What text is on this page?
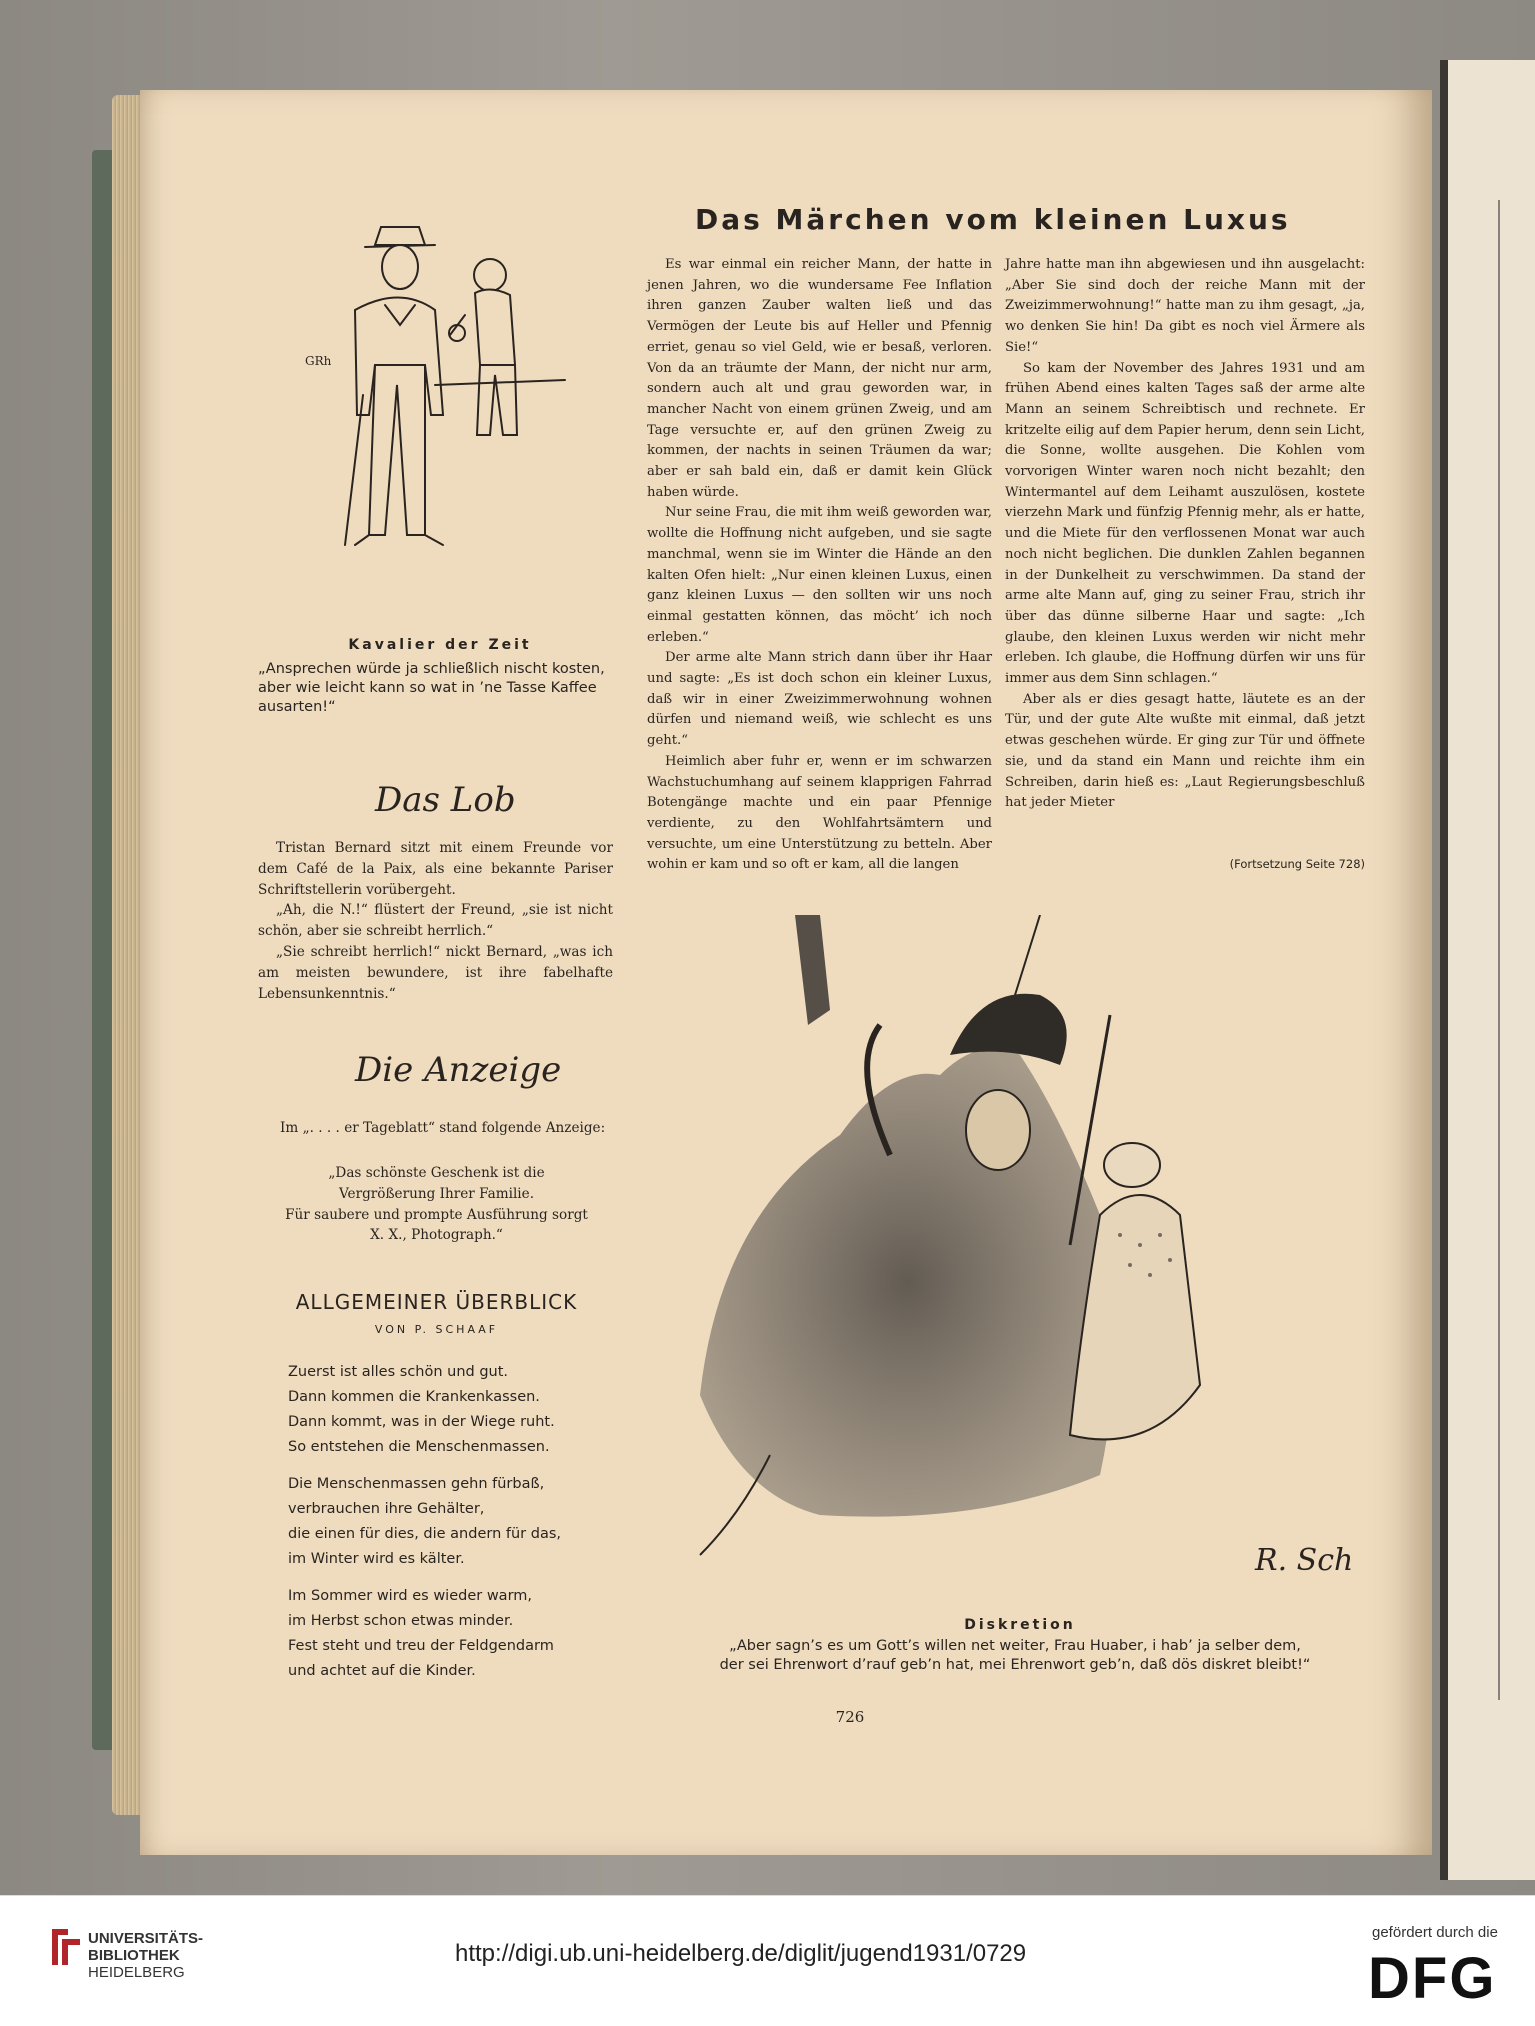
GRh
Kavalier der Zeit
„Ansprechen würde ja schließlich nischt kosten, aber wie leicht kann so wat in ’ne Tasse Kaffee ausarten!“
Das Lob

Tristan Bernard sitzt mit einem Freunde vor dem Café de la Paix, als eine bekannte Pariser Schriftstellerin vorübergeht.

„Ah, die N.!“ flüstert der Freund, „sie ist nicht schön, aber sie schreibt herrlich.“

„Sie schreibt herrlich!“ nickt Bernard, „was ich am meisten bewundere, ist ihre fabelhafte Lebensunkenntnis.“

Die Anzeige
Im „. . . . er Tageblatt“ stand folgende Anzeige:
„Das schönste Geschenk ist die
Vergrößerung Ihrer Familie.
Für saubere und prompte Ausführung sorgt
X. X., Photograph.“
ALLGEMEINER ÜBERBLICK
VON P. SCHAAF

Zuerst ist alles schön und gut.

Dann kommen die Krankenkassen.

Dann kommt, was in der Wiege ruht.

So entstehen die Menschenmassen.

Die Menschenmassen gehn fürbaß,

verbrauchen ihre Gehälter,

die einen für dies, die andern für das,

im Winter wird es kälter.

Im Sommer wird es wieder warm,

im Herbst schon etwas minder.

Fest steht und treu der Feldgendarm

und achtet auf die Kinder.

Das Märchen vom kleinen Luxus

Es war einmal ein reicher Mann, der hatte in jenen Jahren, wo die wundersame Fee Inflation ihren ganzen Zauber walten ließ und das Vermögen der Leute bis auf Heller und Pfennig erriet, genau so viel Geld, wie er besaß, verloren. Von da an träumte der Mann, der nicht nur arm, sondern auch alt und grau geworden war, in mancher Nacht von einem grünen Zweig, und am Tage versuchte er, auf den grünen Zweig zu kommen, der nachts in seinen Träumen da war; aber er sah bald ein, daß er damit kein Glück haben würde.

Nur seine Frau, die mit ihm weiß geworden war, wollte die Hoffnung nicht aufgeben, und sie sagte manchmal, wenn sie im Winter die Hände an den kalten Ofen hielt: „Nur einen kleinen Luxus, einen ganz kleinen Luxus — den sollten wir uns noch einmal gestatten können, das möcht’ ich noch erleben.“

Der arme alte Mann strich dann über ihr Haar und sagte: „Es ist doch schon ein kleiner Luxus, daß wir in einer Zweizimmerwohnung wohnen dürfen und niemand weiß, wie schlecht es uns geht.“

Heimlich aber fuhr er, wenn er im schwarzen Wachstuchumhang auf seinem klapprigen Fahrrad Botengänge machte und ein paar Pfennige verdiente, zu den Wohlfahrtsämtern und versuchte, um eine Unterstützung zu betteln. Aber wohin er kam und so oft er kam, all die langen

Jahre hatte man ihn abgewiesen und ihn ausgelacht: „Aber Sie sind doch der reiche Mann mit der Zweizimmerwohnung!“ hatte man zu ihm gesagt, „ja, wo denken Sie hin! Da gibt es noch viel Ärmere als Sie!“

So kam der November des Jahres 1931 und am frühen Abend eines kalten Tages saß der arme alte Mann an seinem Schreibtisch und rechnete. Er kritzelte eilig auf dem Papier herum, denn sein Licht, die Sonne, wollte ausgehen. Die Kohlen vom vorvorigen Winter waren noch nicht bezahlt; den Wintermantel auf dem Leihamt auszulösen, kostete vierzehn Mark und fünfzig Pfennig mehr, als er hatte, und die Miete für den verflossenen Monat war auch noch nicht beglichen. Die dunklen Zahlen begannen in der Dunkelheit zu verschwimmen. Da stand der arme alte Mann auf, ging zu seiner Frau, strich ihr über das dünne silberne Haar und sagte: „Ich glaube, den kleinen Luxus werden wir nicht mehr erleben. Ich glaube, die Hoffnung dürfen wir uns für immer aus dem Sinn schlagen.“

Aber als er dies gesagt hatte, läutete es an der Tür, und der gute Alte wußte mit einmal, daß jetzt etwas geschehen würde. Er ging zur Tür und öffnete sie, und da stand ein Mann und reichte ihm ein Schreiben, darin hieß es: „Laut Regierungsbeschluß hat jeder Mieter

(Fortsetzung Seite 728)
R. Sch
Diskretion
„Aber sagn’s es um Gott’s willen net weiter, Frau Huaber, i hab’ ja selber dem,
der sei Ehrenwort d’rauf geb’n hat, mei Ehrenwort geb’n, daß dös diskret bleibt!“
726
UNIVERSITÄTS-
BIBLIOTHEK
HEIDELBERG
http://digi.ub.uni-heidelberg.de/diglit/jugend1931/0729
gefördert durch die
DFG
